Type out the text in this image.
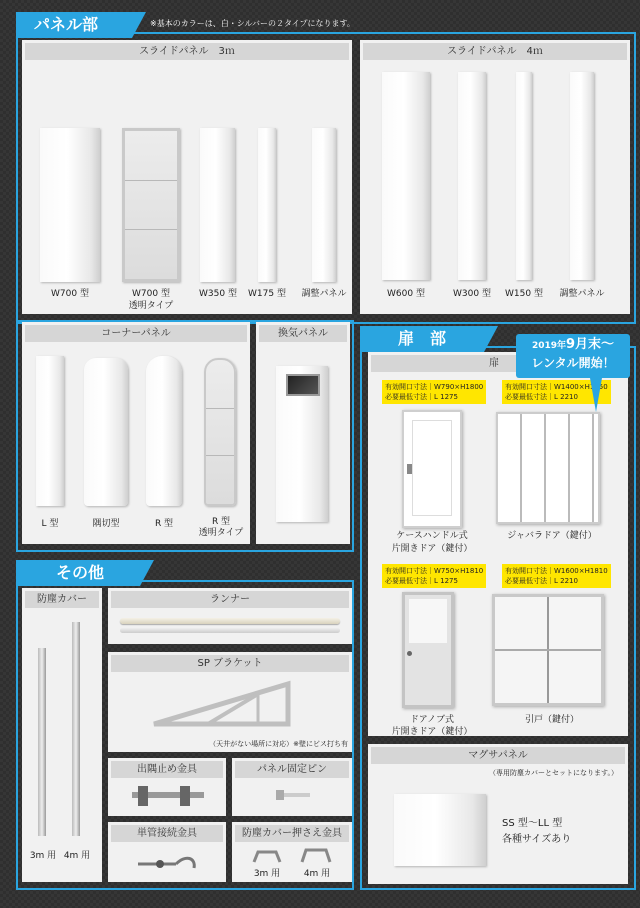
パネル部	※基本のカラーは、白・シルバーの２タイプになります。
スライドパネル　3ｍ
W700 型	W700 型
透明タイプ
W350 型	W175 型	調整パネル
スライドパネル　4ｍ
W600 型	W300 型	W150 型	調整パネル
コーナーパネル
L 型	隅切型	R 型	R 型
透明タイプ
換気パネル	扉　部
扉
有効開口寸法｜W790×H1800
必要最低寸法｜L 1275
ケースハンドル式
片開きドア（鍵付）
有効開口寸法｜W1400×H1750
必要最低寸法｜L 2210
ジャバラドア（鍵付）
有効開口寸法｜W750×H1810
必要最低寸法｜L 1275
ドアノブ式
片開きドア（鍵付）
有効開口寸法｜W1600×H1810
必要最低寸法｜L 2210
引戸（鍵付）
2019年9月末〜
レンタル開始！
マグサパネル
（専用防塵カバーとセットになります。）
SS 型〜LL 型
各種サイズあり
その他
防塵カバー
3m 用 4m 用
ランナー
SP ブラケット
（天井がない場所に対応）※壁にビス打ち有
出隅止め金具	パネル固定ピン
単管接続金具	防塵カバー押さえ金具
3m 用	4m 用
